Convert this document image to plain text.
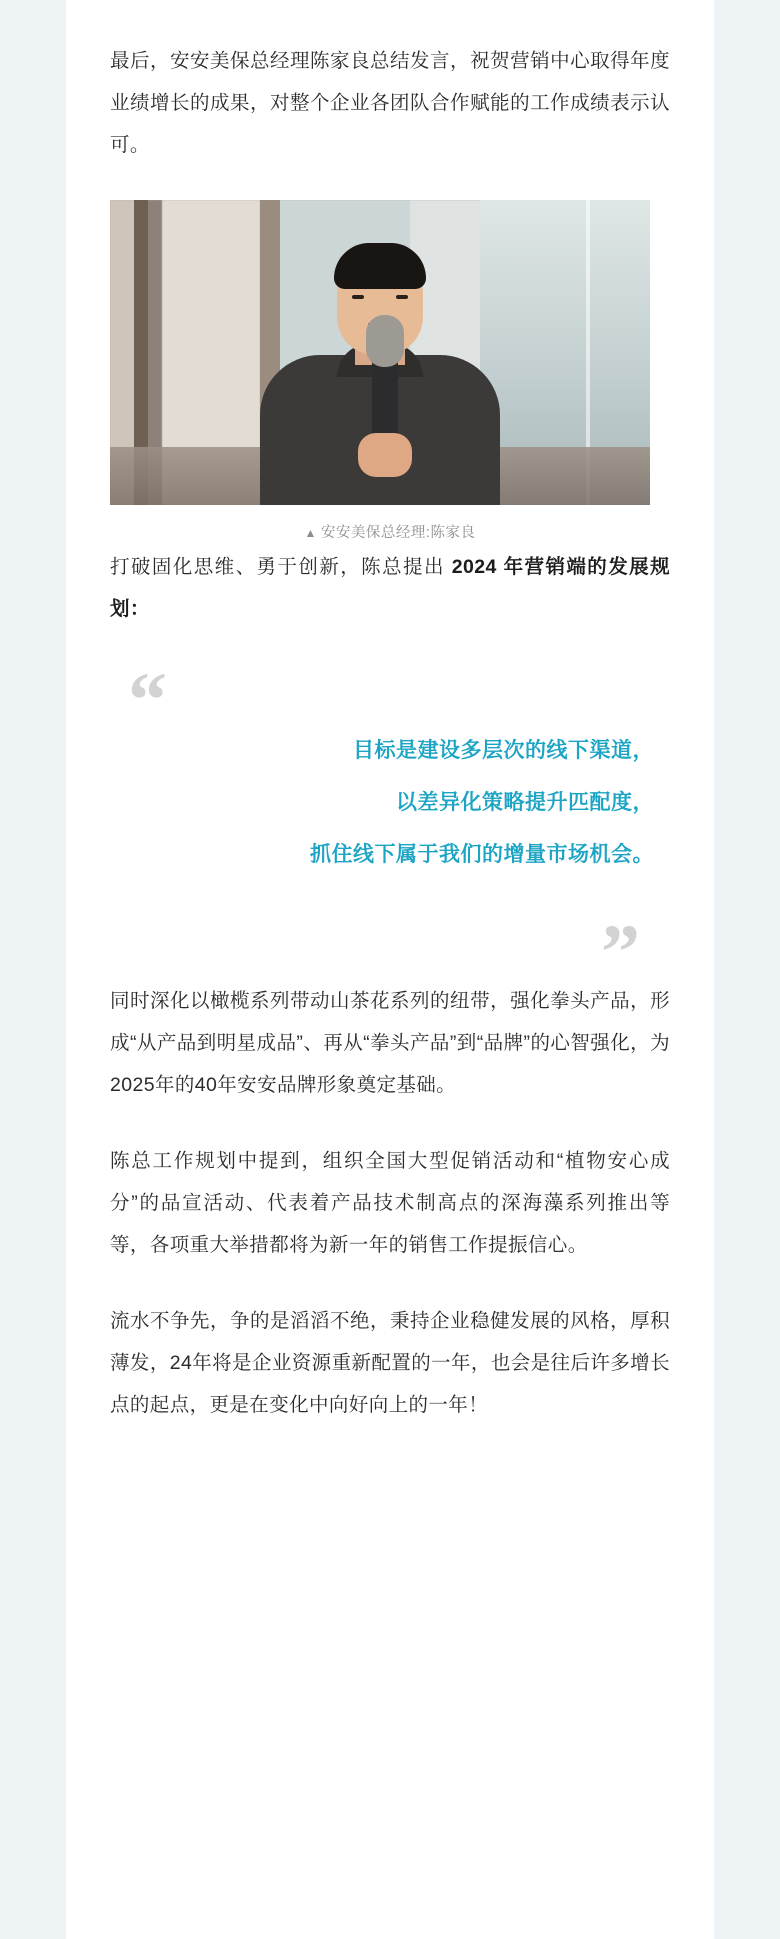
最后，安安美保总经理陈家良总结发言，祝贺营销中心取得年度业绩增长的成果，对整个企业各团队合作赋能的工作成绩表示认可。

▲ 安安美保总经理:陈家良

打破固化思维、勇于创新，陈总提出 2024 年营销端的发展规划：

“
目标是建设多层次的线下渠道，
以差异化策略提升匹配度，
抓住线下属于我们的增量市场机会。
”

同时深化以橄榄系列带动山茶花系列的纽带，强化拳头产品，形成“从产品到明星成品”、再从“拳头产品”到“品牌”的心智强化，为2025年的40年安安品牌形象奠定基础。

陈总工作规划中提到，组织全国大型促销活动和“植物安心成分”的品宣活动、代表着产品技术制高点的深海藻系列推出等等，各项重大举措都将为新一年的销售工作提振信心。

流水不争先，争的是滔滔不绝，秉持企业稳健发展的风格，厚积薄发，24年将是企业资源重新配置的一年，也会是往后许多增长点的起点，更是在变化中向好向上的一年！
